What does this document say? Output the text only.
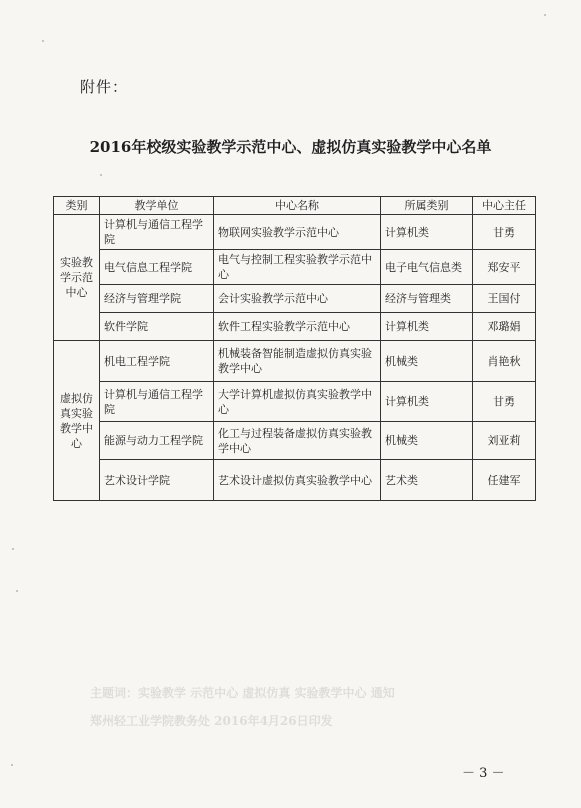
附件：
2016年校级实验教学示范中心、虚拟仿真实验教学中心名单
类别	教学单位	中心名称	所属类别	中心主任
实验教学示范中心	计算机与通信工程学院	物联网实验教学示范中心	计算机类	甘勇
	电气信息工程学院	电气与控制工程实验教学示范中心	电子电气信息类	郑安平
	经济与管理学院	会计实验教学示范中心	经济与管理类	王国付
	软件学院	软件工程实验教学示范中心	计算机类	邓璐娟
虚拟仿真实验教学中心	机电工程学院	机械装备智能制造虚拟仿真实验教学中心	机械类	肖艳秋
	计算机与通信工程学院	大学计算机虚拟仿真实验教学中心	计算机类	甘勇
	能源与动力工程学院	化工与过程装备虚拟仿真实验教学中心	机械类	刘亚莉
	艺术设计学院	艺术设计虚拟仿真实验教学中心	艺术类	任建军
主题词：实验教学 示范中心 虚拟仿真 实验教学中心 通知
郑州轻工业学院教务处 2016年4月26日印发
－ 3 －
